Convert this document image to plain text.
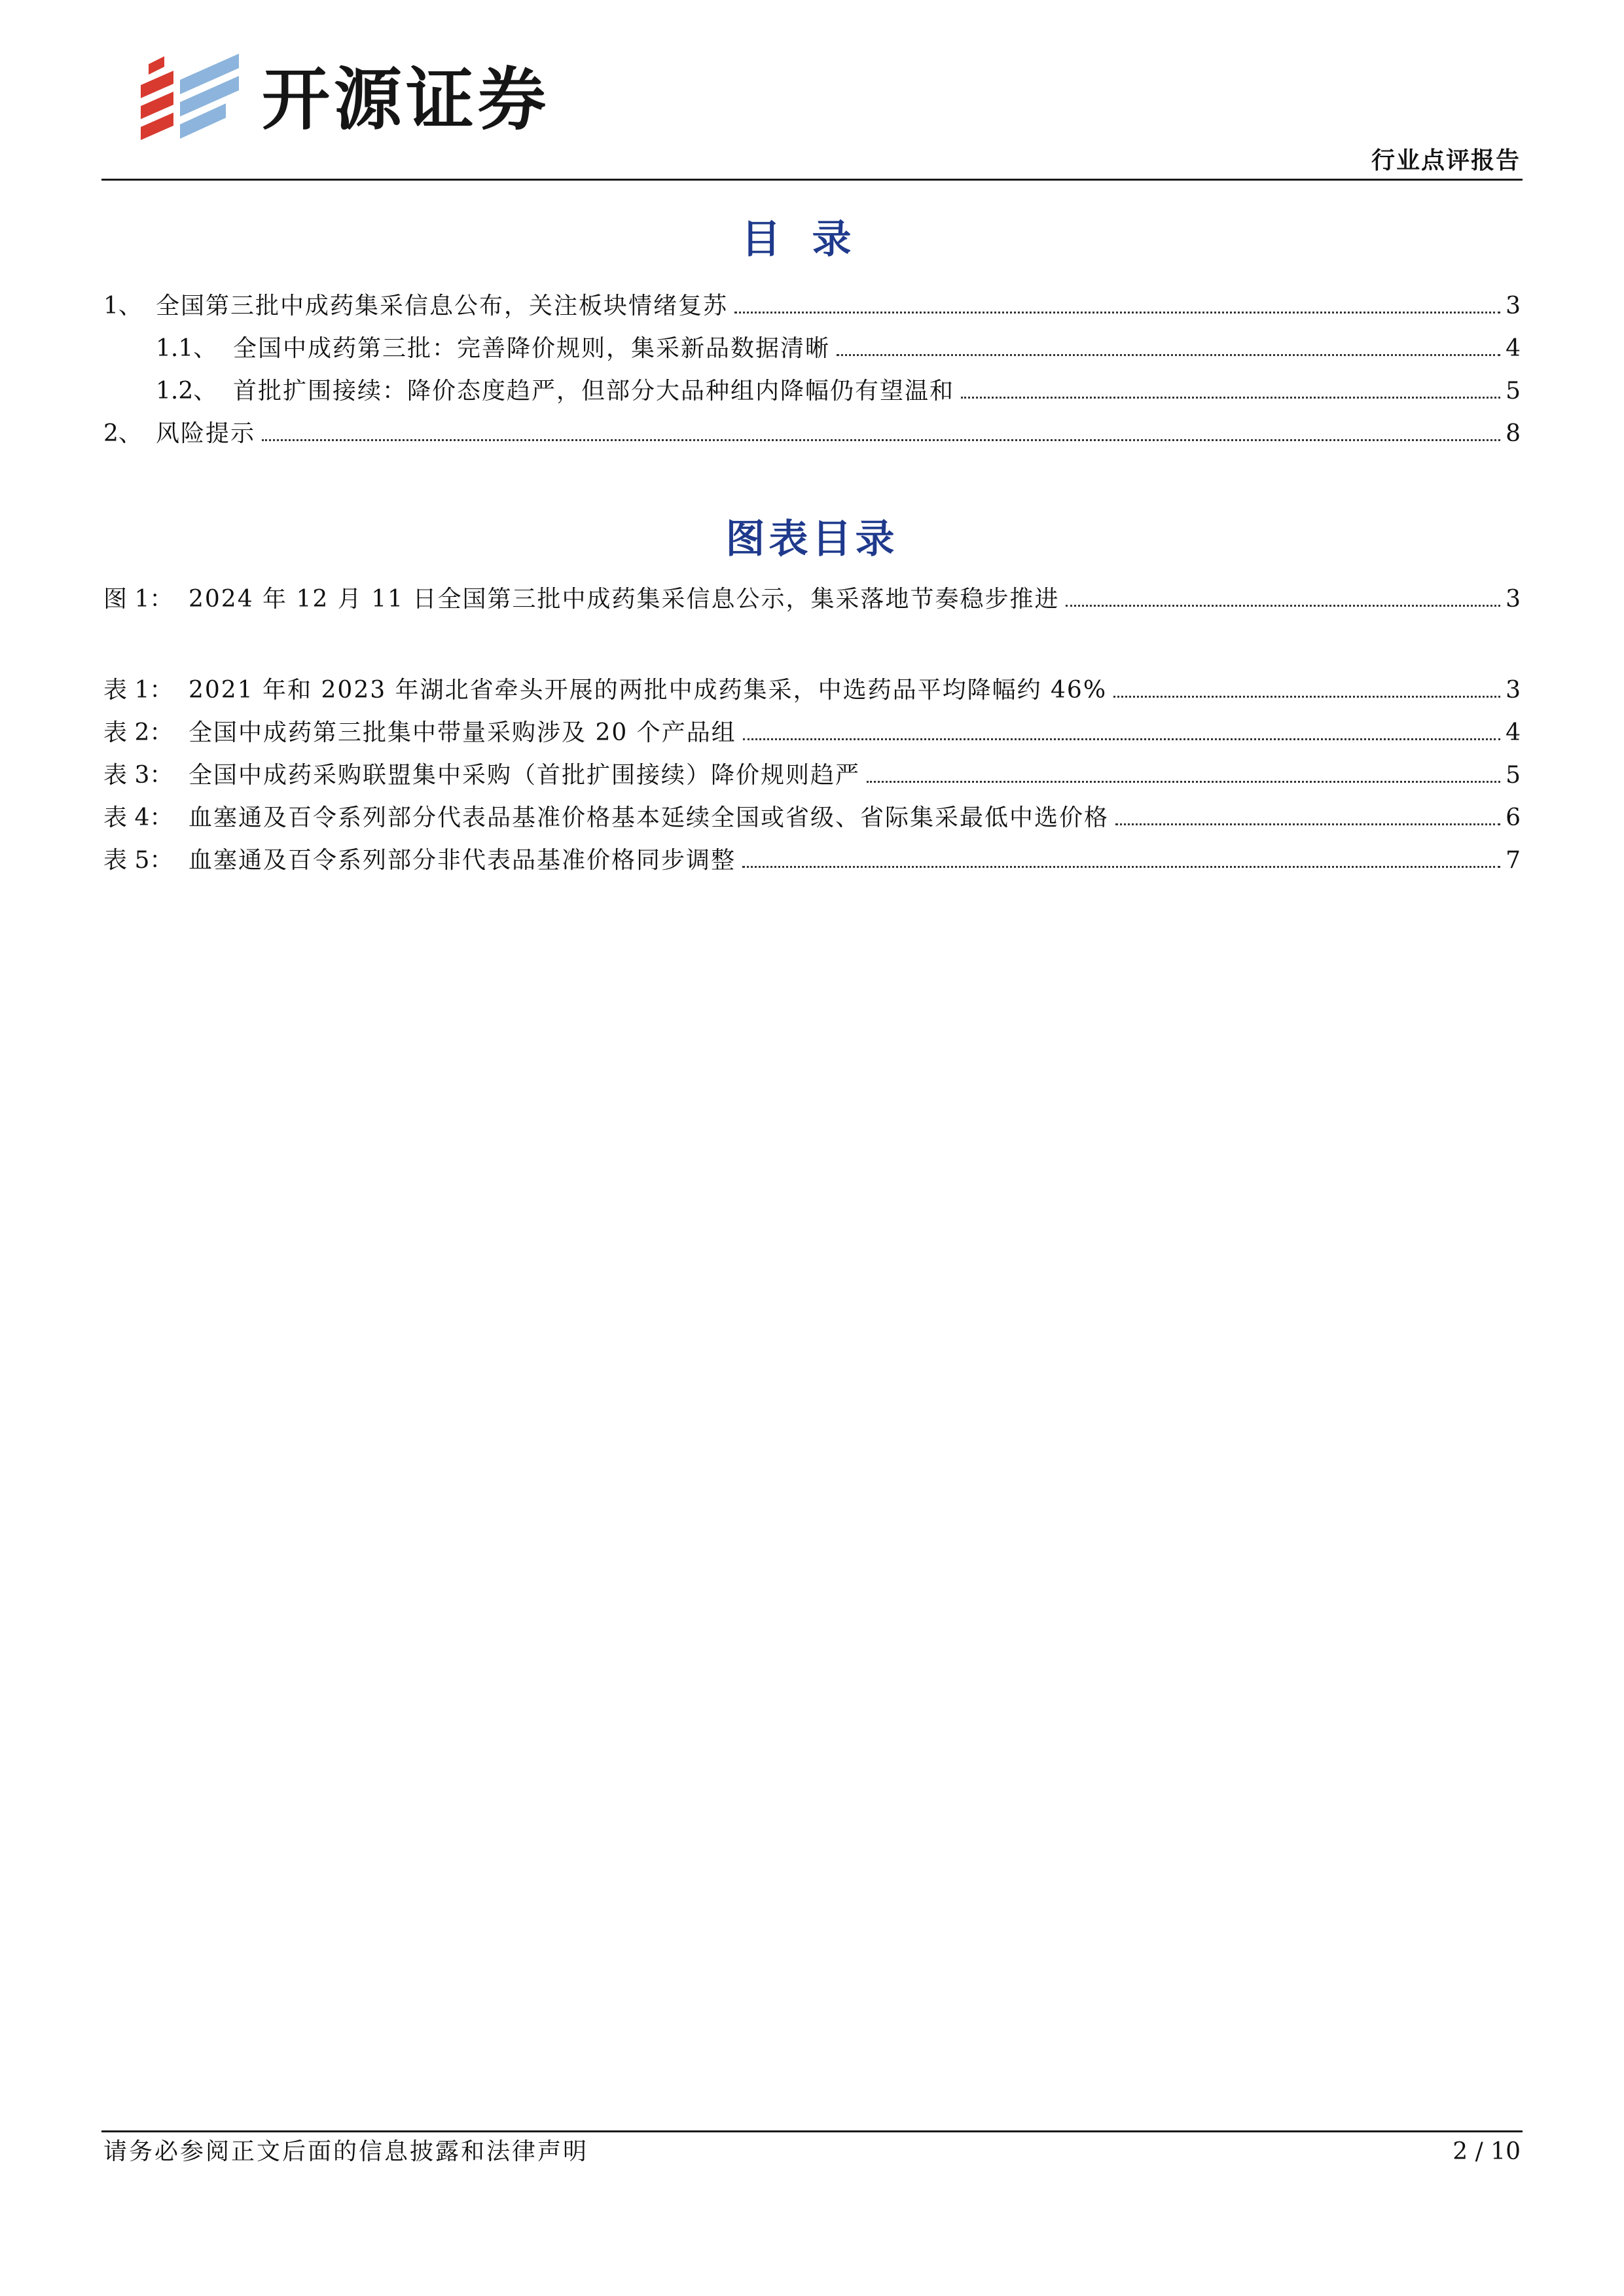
开源证券
行业点评报告
目录
1、 全国第三批中成药集采信息公布，关注板块情绪复苏	3
1.1、 全国中成药第三批：完善降价规则，集采新品数据清晰	4
1.2、 首批扩围接续：降价态度趋严，但部分大品种组内降幅仍有望温和	5
2、 风险提示	8
图表目录
图 1： 2024 年 12 月 11 日全国第三批中成药集采信息公示，集采落地节奏稳步推进	3
表 1： 2021 年和 2023 年湖北省牵头开展的两批中成药集采，中选药品平均降幅约 46%	3
表 2： 全国中成药第三批集中带量采购涉及 20 个产品组	4
表 3： 全国中成药采购联盟集中采购（首批扩围接续）降价规则趋严	5
表 4： 血塞通及百令系列部分代表品基准价格基本延续全国或省级、省际集采最低中选价格	6
表 5： 血塞通及百令系列部分非代表品基准价格同步调整	7
请务必参阅正文后面的信息披露和法律声明	2 / 10
